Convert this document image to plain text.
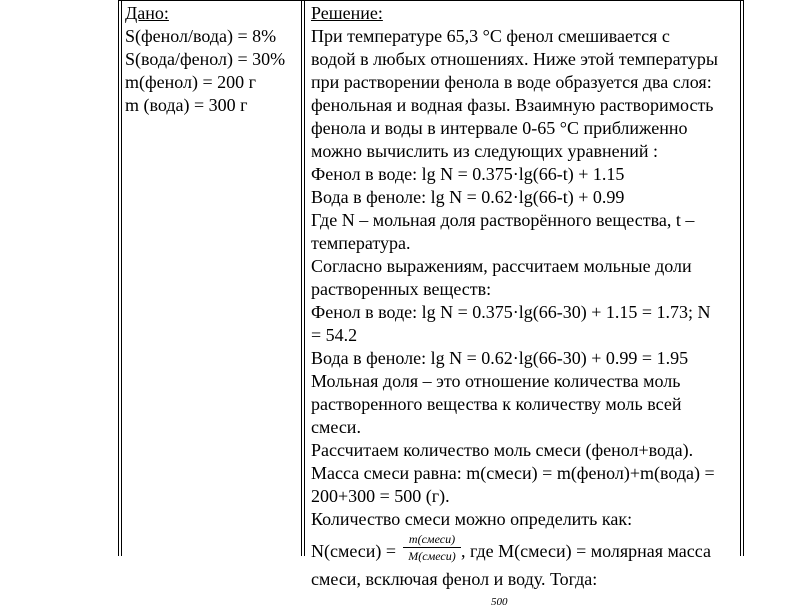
Дано:
S(фенол/вода) = 8%
S(вода/фенол) = 30%
m(фенол) = 200 г
m (вода) = 300 г
Решение:
При температуре 65,3 °С фенол смешивается с
водой в любых отношениях. Ниже этой температуры
при растворении фенола в воде образуется два слоя:
фенольная и водная фазы. Взаимную растворимость
фенола и воды в интервале 0-65 °С приближенно
можно вычислить из следующих уравнений :
Фенол в воде: lg N = 0.375·lg(66-t) + 1.15
Вода в феноле: lg N = 0.62·lg(66-t) + 0.99
Где N – мольная доля растворённого вещества, t –
температура.
Согласно выражениям, рассчитаем мольные доли
растворенных веществ:
Фенол в воде: lg N = 0.375·lg(66-30) + 1.15 = 1.73; N
= 54.2
Вода в феноле: lg N = 0.62·lg(66-30) + 0.99 = 1.95
Мольная доля – это отношение количества моль
растворенного вещества к количеству моль всей
смеси.
Рассчитаем количество моль смеси (фенол+вода).
Масса смеси равна: m(смеси) = m(фенол)+m(вода) =
200+300 = 500 (г).
Количество смеси можно определить как:
N(смеси) =
m(смеси)
M(смеси) , где M(смеси) = молярная масса
смеси, всключая фенол и воду. Тогда:
500
